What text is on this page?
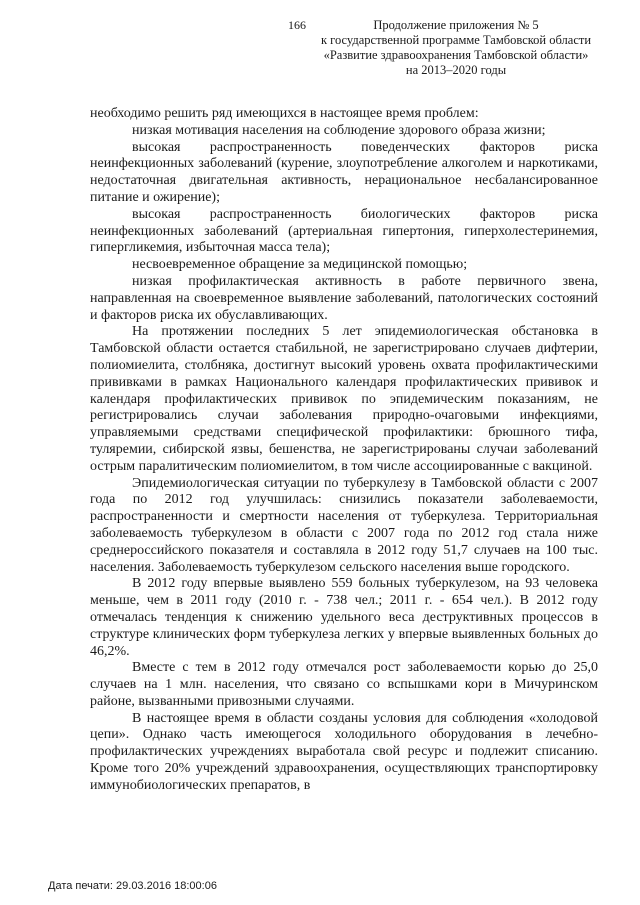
166	Продолжение приложения № 5
к государственной программе Тамбовской области
«Развитие здравоохранения Тамбовской области»
на 2013–2020 годы

необходимо решить ряд имеющихся в настоящее время проблем:

низкая мотивация населения на соблюдение здорового образа жизни;

высокая распространенность поведенческих факторов риска неинфекционных заболеваний (курение, злоупотребление алкоголем и наркотиками, недостаточная двигательная активность, нерациональное несбалансированное питание и ожирение);

высокая распространенность биологических факторов риска неинфекционных заболеваний (артериальная гипертония, гиперхолестеринемия, гипергликемия, избыточная масса тела);

несвоевременное обращение за медицинской помощью;

низкая профилактическая активность в работе первичного звена, направленная на своевременное выявление заболеваний, патологических состояний и факторов риска их обуславливающих.

На протяжении последних 5 лет эпидемиологическая обстановка в Тамбовской области остается стабильной, не зарегистрировано случаев дифтерии, полиомиелита, столбняка, достигнут высокий уровень охвата профилактическими прививками в рамках Национального календаря профилактических прививок и календаря профилактических прививок по эпидемическим показаниям, не регистрировались случаи заболевания природно-очаговыми инфекциями, управляемыми средствами специфической профилактики: брюшного тифа, туляремии, сибирской язвы, бешенства, не зарегистрированы случаи заболеваний острым паралитическим полиомиелитом, в том числе ассоциированные с вакциной.

Эпидемиологическая ситуации по туберкулезу в Тамбовской области с 2007 года по 2012 год улучшилась: снизились показатели заболеваемости, распространенности и смертности населения от туберкулеза. Территориальная заболеваемость туберкулезом в области с 2007 года по 2012 год стала ниже среднероссийского показателя и составляла в 2012 году 51,7 случаев на 100 тыс. населения. Заболеваемость туберкулезом сельского населения выше городского.

В 2012 году впервые выявлено 559 больных туберкулезом, на 93 человека меньше, чем в 2011 году (2010 г. - 738 чел.; 2011 г. - 654 чел.). В 2012 году отмечалась тенденция к снижению удельного веса деструктивных процессов в структуре клинических форм туберкулеза легких у впервые выявленных больных до 46,2%.

Вместе с тем в 2012 году отмечался рост заболеваемости корью до 25,0 случаев на 1 млн. населения, что связано со вспышками кори в Мичуринском районе, вызванными привозными случаями.

В настоящее время в области созданы условия для соблюдения «холодовой цепи». Однако часть имеющегося холодильного оборудования в лечебно-профилактических учреждениях выработала свой ресурс и подлежит списанию. Кроме того 20% учреждений здравоохранения, осуществляющих транспортировку иммунобиологических препаратов, в

Дата печати: 29.03.2016 18:00:06
